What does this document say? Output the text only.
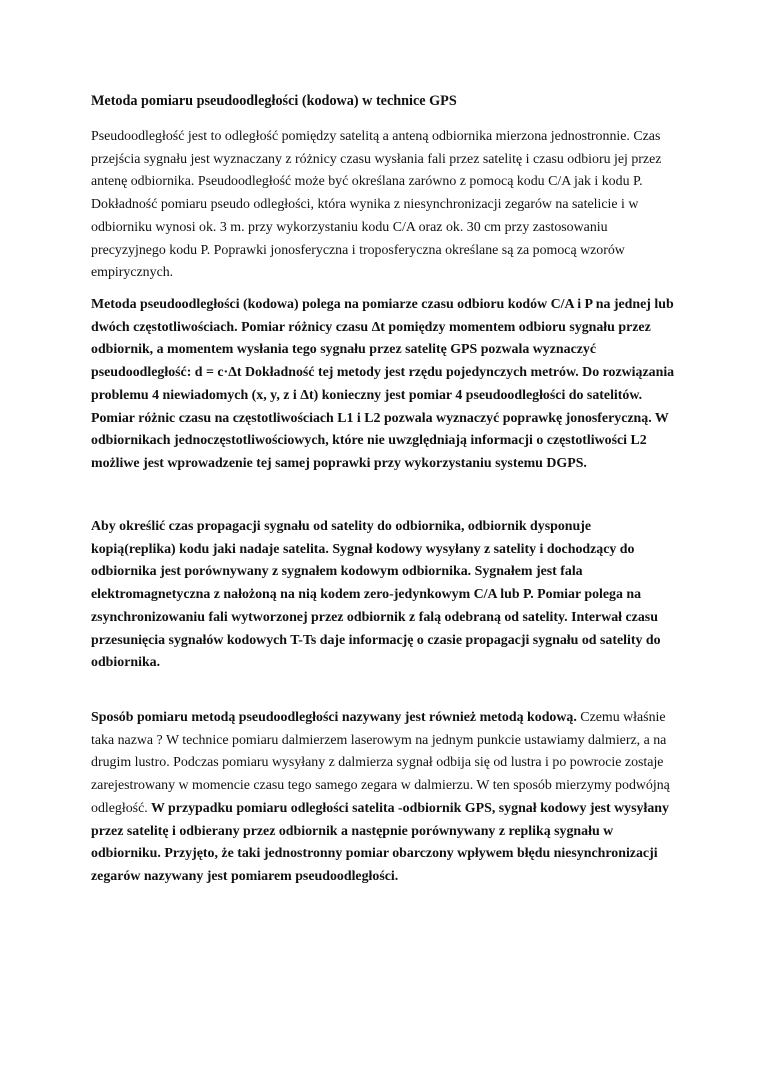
Metoda pomiaru pseudoodległości (kodowa) w technice GPS

Pseudoodległość jest to odległość pomiędzy satelitą a anteną odbiornika mierzona jednostronnie. Czas przejścia sygnału jest wyznaczany z różnicy czasu wysłania fali przez satelitę i czasu odbioru jej przez antenę odbiornika. Pseudoodległość może być określana zarówno z pomocą kodu C/A jak i kodu P. Dokładność pomiaru pseudo odległości, która wynika z niesynchronizacji zegarów na satelicie i w odbiorniku wynosi ok. 3 m. przy wykorzystaniu kodu C/A oraz ok. 30 cm przy zastosowaniu precyzyjnego kodu P. Poprawki jonosferyczna i troposferyczna określane są za pomocą wzorów empirycznych.

Metoda pseudoodległości (kodowa) polega na pomiarze czasu odbioru kodów C/A i P na jednej lub dwóch częstotliwościach. Pomiar różnicy czasu Δt pomiędzy momentem odbioru sygnału przez odbiornik, a momentem wysłania tego sygnału przez satelitę GPS pozwala wyznaczyć pseudoodległość: d = c·Δt Dokładność tej metody jest rzędu pojedynczych metrów. Do rozwiązania problemu 4 niewiadomych (x, y, z i Δt) konieczny jest pomiar 4 pseudoodległości do satelitów. Pomiar różnic czasu na częstotliwościach L1 i L2 pozwala wyznaczyć poprawkę jonosferyczną. W odbiornikach jednoczęstotliwościowych, które nie uwzględniają informacji o częstotliwości L2 możliwe jest wprowadzenie tej samej poprawki przy wykorzystaniu systemu DGPS.

Aby określić czas propagacji sygnału od satelity do odbiornika, odbiornik dysponuje kopią(replika) kodu jaki nadaje satelita. Sygnał kodowy wysyłany z satelity i dochodzący do odbiornika jest porównywany z sygnałem kodowym odbiornika. Sygnałem jest fala elektromagnetyczna z nałożoną na nią kodem zero-jedynkowym C/A lub P. Pomiar polega na zsynchronizowaniu fali wytworzonej przez odbiornik z falą odebraną od satelity. Interwał czasu przesunięcia sygnałów kodowych T-Ts daje informację o czasie propagacji sygnału od satelity do odbiornika.

Sposób pomiaru metodą pseudoodległości nazywany jest również metodą kodową. Czemu właśnie taka nazwa ? W technice pomiaru dalmierzem laserowym na jednym punkcie ustawiamy dalmierz, a na drugim lustro. Podczas pomiaru wysyłany z dalmierza sygnał odbija się od lustra i po powrocie zostaje zarejestrowany w momencie czasu tego samego zegara w dalmierzu. W ten sposób mierzymy podwójną odległość. W przypadku pomiaru odległości satelita -odbiornik GPS, sygnał kodowy jest wysyłany przez satelitę i odbierany przez odbiornik a następnie porównywany z repliką sygnału w odbiorniku. Przyjęto, że taki jednostronny pomiar obarczony wpływem błędu niesynchronizacji zegarów nazywany jest pomiarem pseudoodległości.
